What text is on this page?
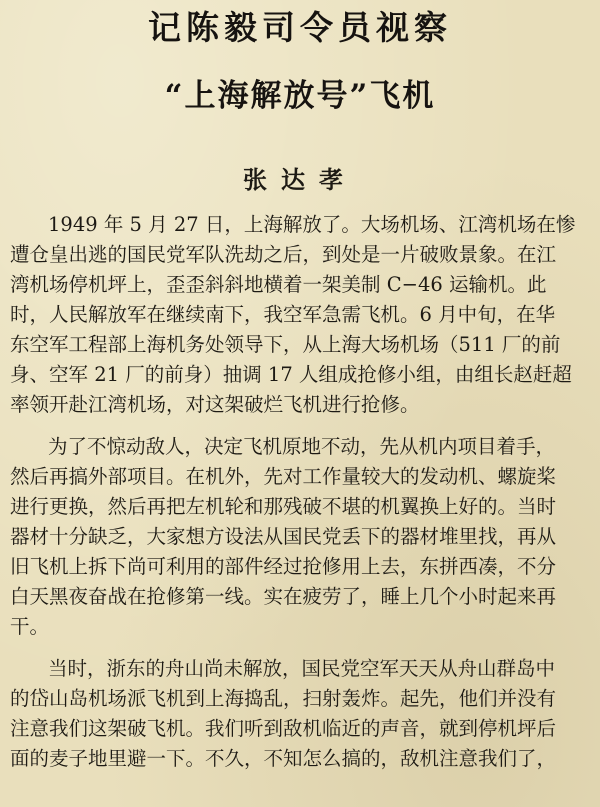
记陈毅司令员视察
“上海解放号”飞机

张达孝

1949 年 5 月 27 日，上海解放了。大场机场、江湾机场在惨
遭仓皇出逃的国民党军队洗劫之后，到处是一片破败景象。在江
湾机场停机坪上，歪歪斜斜地横着一架美制 C−46 运输机。此
时，人民解放军在继续南下，我空军急需飞机。6 月中旬，在华
东空军工程部上海机务处领导下，从上海大场机场（511 厂的前
身、空军 21 厂的前身）抽调 17 人组成抢修小组，由组长赵赶超
率领开赴江湾机场，对这架破烂飞机进行抢修。

为了不惊动敌人，决定飞机原地不动，先从机内项目着手，
然后再搞外部项目。在机外，先对工作量较大的发动机、螺旋桨
进行更换，然后再把左机轮和那残破不堪的机翼换上好的。当时
器材十分缺乏，大家想方设法从国民党丢下的器材堆里找，再从
旧飞机上拆下尚可利用的部件经过抢修用上去，东拼西凑，不分
白天黑夜奋战在抢修第一线。实在疲劳了，睡上几个小时起来再
干。

当时，浙东的舟山尚未解放，国民党空军天天从舟山群岛中
的岱山岛机场派飞机到上海捣乱，扫射轰炸。起先，他们并没有
注意我们这架破飞机。我们听到敌机临近的声音，就到停机坪后
面的麦子地里避一下。不久，不知怎么搞的，敌机注意我们了，
